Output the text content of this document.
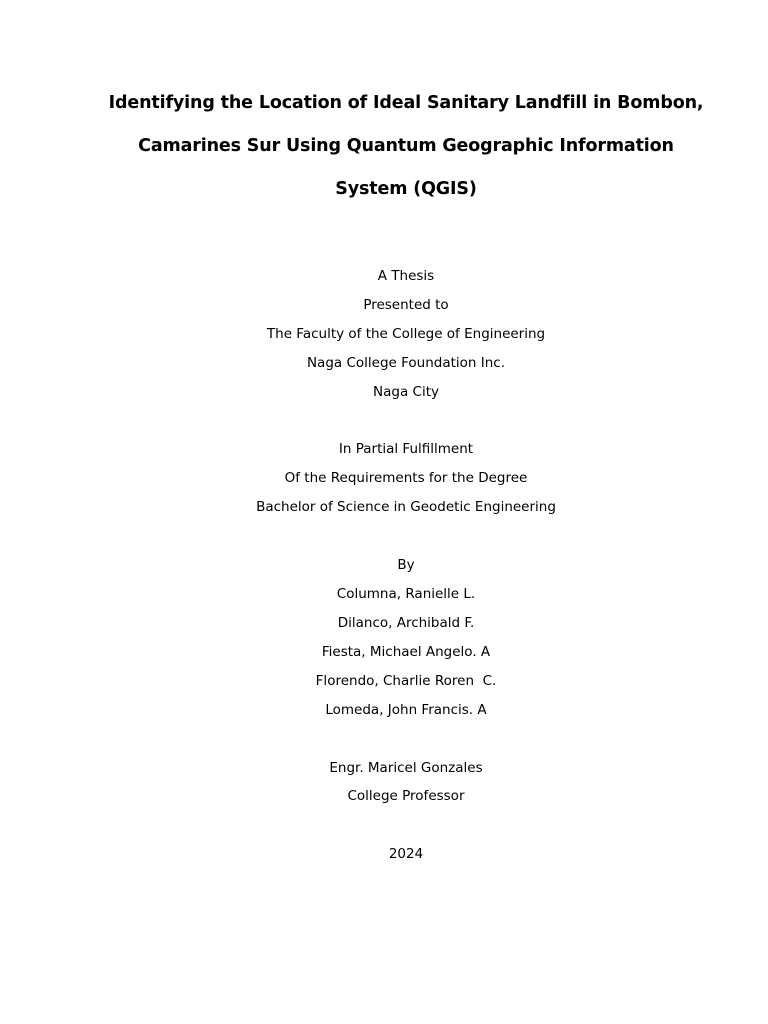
Identifying the Location of Ideal Sanitary Landfill in Bombon,
Camarines Sur Using Quantum Geographic Information
System (QGIS)
A Thesis
Presented to
The Faculty of the College of Engineering
Naga College Foundation Inc.
Naga City
In Partial Fulfillment
Of the Requirements for the Degree
Bachelor of Science in Geodetic Engineering
By
Columna, Ranielle L.
Dilanco, Archibald F.
Fiesta, Michael Angelo. A
Florendo, Charlie Roren  C.
Lomeda, John Francis. A
Engr. Maricel Gonzales
College Professor
2024
